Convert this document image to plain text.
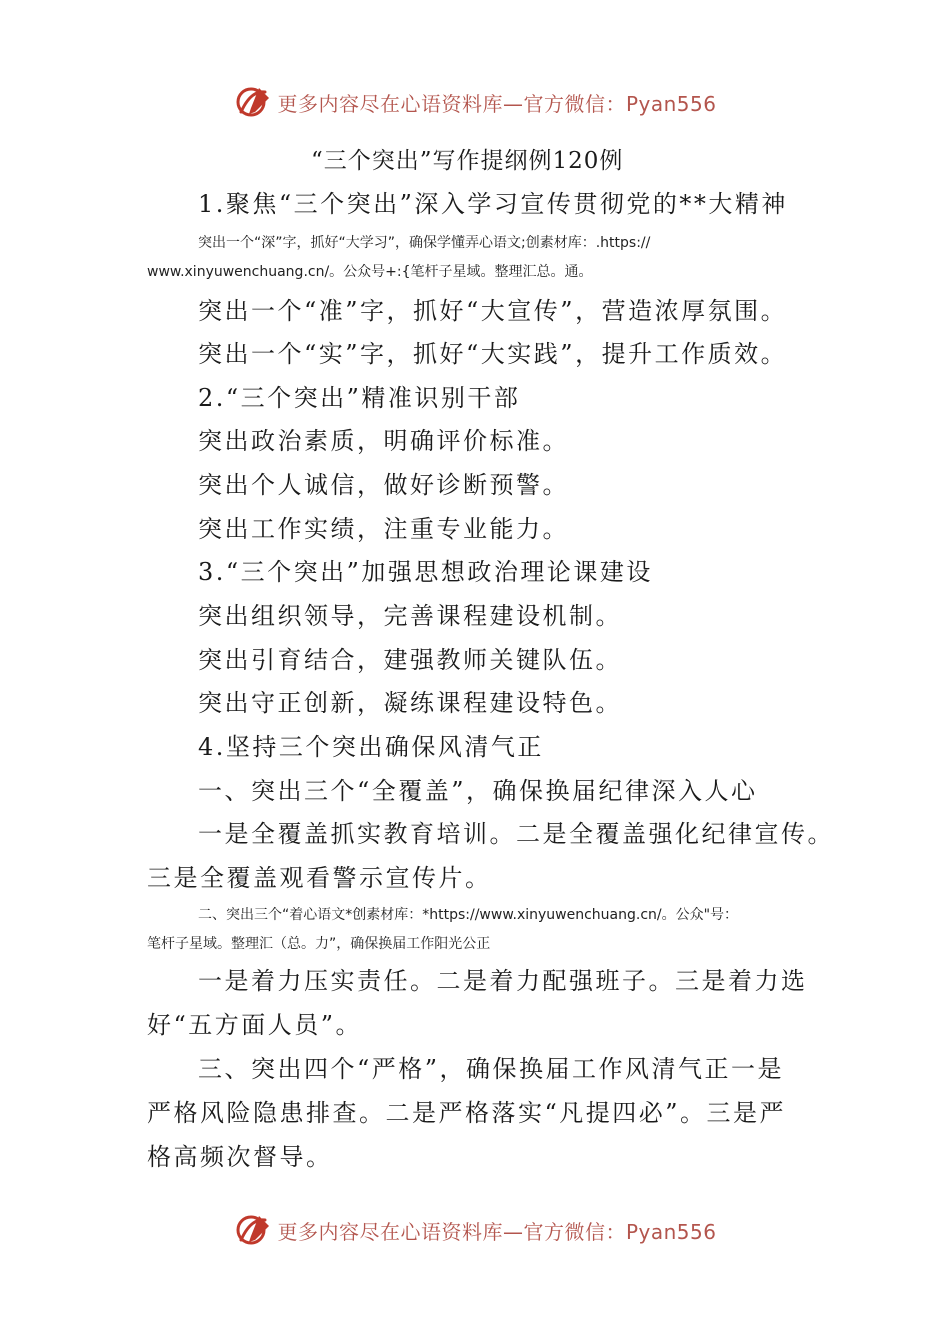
更多内容尽在心语资料库—官方微信：Pyan556
“三个突出”写作提纲例120例
1.聚焦“三个突出”深入学习宣传贯彻党的**大精神
突出一个“深”字，抓好“大学习”，确保学懂弄心语文;创素材库：.https://
www.xinyuwenchuang.cn/。公众号+:{笔杆子星域。整理汇总。通。
突出一个“准”字，抓好“大宣传”，营造浓厚氛围。
突出一个“实”字，抓好“大实践”，提升工作质效。
2.“三个突出”精准识别干部
突出政治素质，明确评价标准。
突出个人诚信，做好诊断预警。
突出工作实绩，注重专业能力。
3.“三个突出”加强思想政治理论课建设
突出组织领导，完善课程建设机制。
突出引育结合，建强教师关键队伍。
突出守正创新，凝练课程建设特色。
4.坚持三个突出确保风清气正
一、突出三个“全覆盖”，确保换届纪律深入人心
一是全覆盖抓实教育培训。二是全覆盖强化纪律宣传。
三是全覆盖观看警示宣传片。
二、突出三个“着心语文*创素材库：*https://www.xinyuwenchuang.cn/。公众"号：
笔杆子星域。整理汇（总。力”，确保换届工作阳光公正
一是着力压实责任。二是着力配强班子。三是着力选
好“五方面人员”。
三、突出四个“严格”，确保换届工作风清气正一是
严格风险隐患排查。二是严格落实“凡提四必”。三是严
格高频次督导。
更多内容尽在心语资料库—官方微信：Pyan556
